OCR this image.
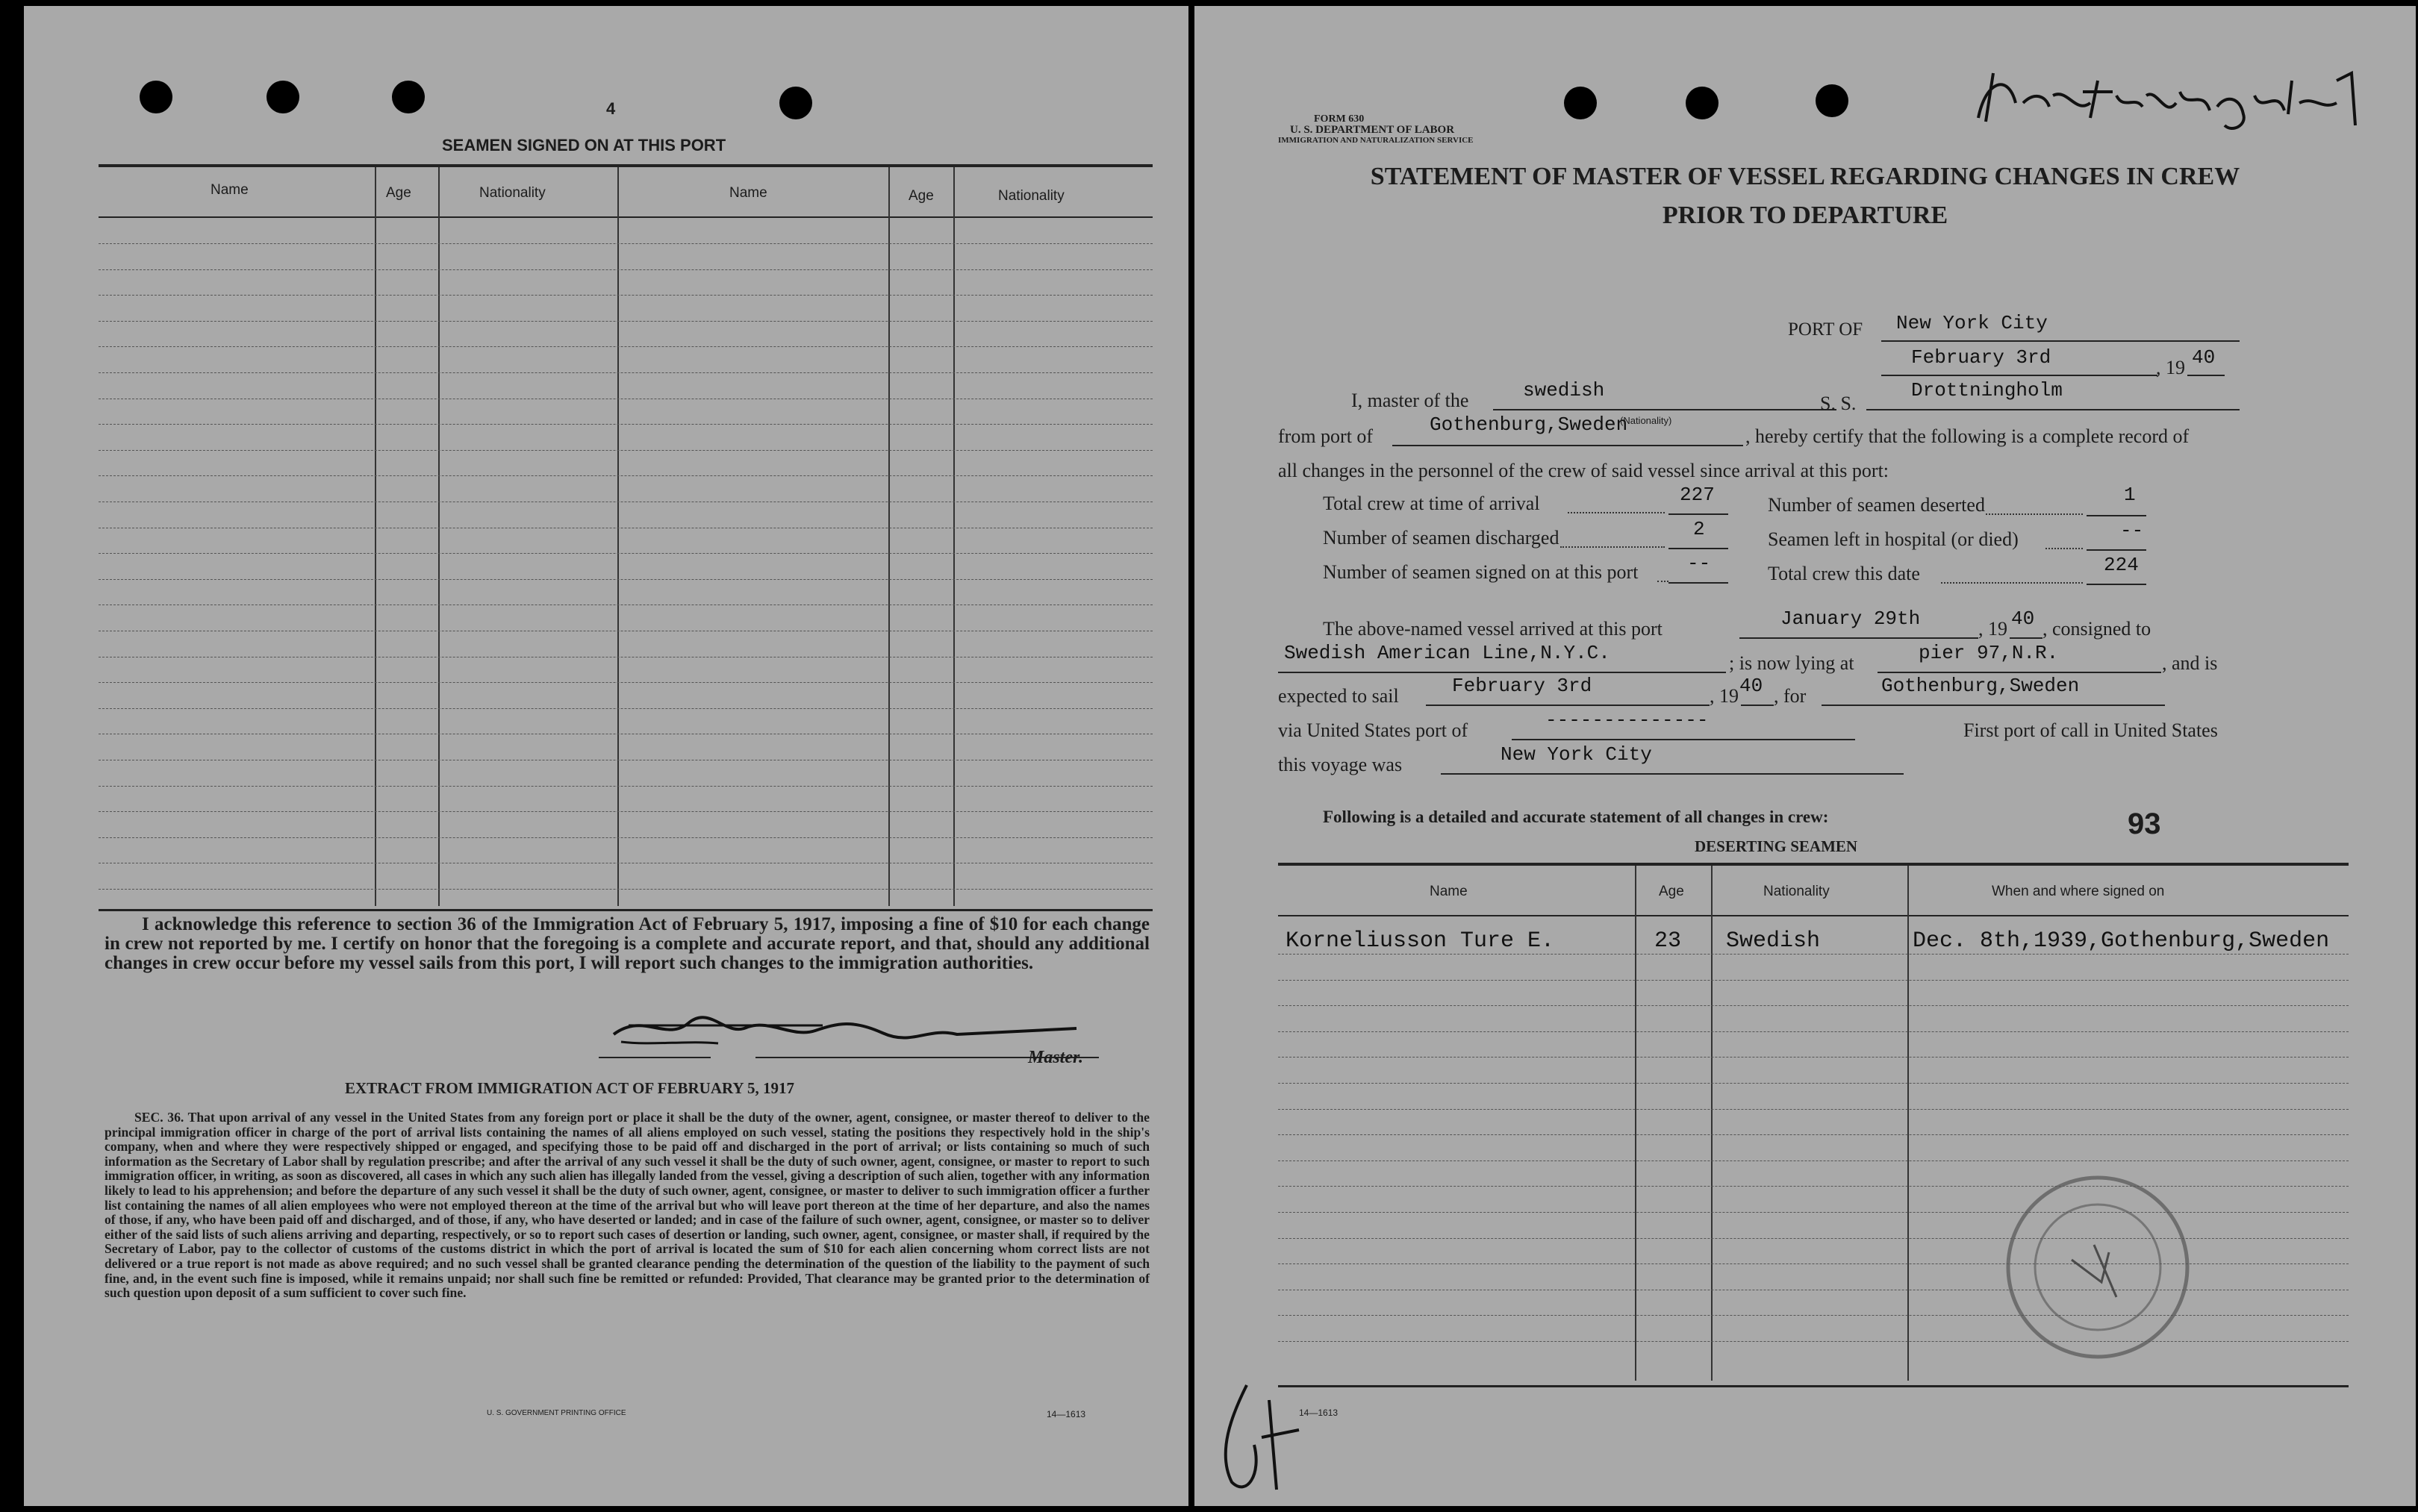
4
SEAMEN SIGNED ON AT THIS PORT
Name	Age	Nationality	Name	Age	Nationality
I acknowledge this reference to section 36 of the Immigration Act of February 5, 1917, imposing a fine of $10 for each change in crew not reported by me. I certify on honor that the foregoing is a complete and accurate report, and that, should any additional changes in crew occur before my vessel sails from this port, I will report such changes to the immigration authorities.
Master.
EXTRACT FROM IMMIGRATION ACT OF FEBRUARY 5, 1917
SEC. 36. That upon arrival of any vessel in the United States from any foreign port or place it shall be the duty of the owner, agent, consignee, or master thereof to deliver to the principal immigration officer in charge of the port of arrival lists containing the names of all aliens employed on such vessel, stating the positions they respectively hold in the ship's company, when and where they were respectively shipped or engaged, and specifying those to be paid off and discharged in the port of arrival; or lists containing so much of such information as the Secretary of Labor shall by regulation prescribe; and after the arrival of any such vessel it shall be the duty of such owner, agent, consignee, or master to report to such immigration officer, in writing, as soon as discovered, all cases in which any such alien has illegally landed from the vessel, giving a description of such alien, together with any information likely to lead to his apprehension; and before the departure of any such vessel it shall be the duty of such owner, agent, consignee, or master to deliver to such immigration officer a further list containing the names of all alien employees who were not employed thereon at the time of the arrival but who will leave port thereon at the time of her departure, and also the names of those, if any, who have been paid off and discharged, and of those, if any, who have deserted or landed; and in case of the failure of such owner, agent, consignee, or master so to deliver either of the said lists of such aliens arriving and departing, respectively, or so to report such cases of desertion or landing, such owner, agent, consignee, or master shall, if required by the Secretary of Labor, pay to the collector of customs of the customs district in which the port of arrival is located the sum of $10 for each alien concerning whom correct lists are not delivered or a true report is not made as above required; and no such vessel shall be granted clearance pending the determination of the question of the liability to the payment of such fine, and, in the event such fine is imposed, while it remains unpaid; nor shall such fine be remitted or refunded: Provided, That clearance may be granted prior to the determination of such question upon deposit of a sum sufficient to cover such fine.
U. S. GOVERNMENT PRINTING OFFICE	14—1613
FORM 630
U. S. DEPARTMENT OF LABOR
IMMIGRATION AND NATURALIZATION SERVICE
STATEMENT OF MASTER OF VESSEL REGARDING CHANGES IN CREW
PRIOR TO DEPARTURE
PORT OF New York City
February 3rd	, 19 40
I, master of the	swedish
S. S.
Drottningholm
from port of
Gothenburg,Sweden
(Nationality)
, hereby certify that the following is a complete record of
all changes in the personnel of the crew of said vessel since arrival at this port:
Total crew at time of arrival	227
Number of seamen discharged	2
Number of seamen signed on at this port	--
Number of seamen deserted	1
Seamen left in hospital (or died)	--
Total crew this date	224
The above-named vessel arrived at this port	January 29th	, 19 40 , consigned to
Swedish American Line,N.Y.C.	; is now lying at	pier 97,N.R.	, and is
expected to sail	February 3rd	, 19 40 , for	Gothenburg,Sweden
via United States port of	--------------	First port of call in United States
this voyage was	New York City
Following is a detailed and accurate statement of all changes in crew:	93
DESERTING SEAMEN
Name	Age	Nationality	When and where signed on
Korneliusson Ture E.	23 Swedish	Dec. 8th,1939,Gothenburg,Sweden
14—1613
